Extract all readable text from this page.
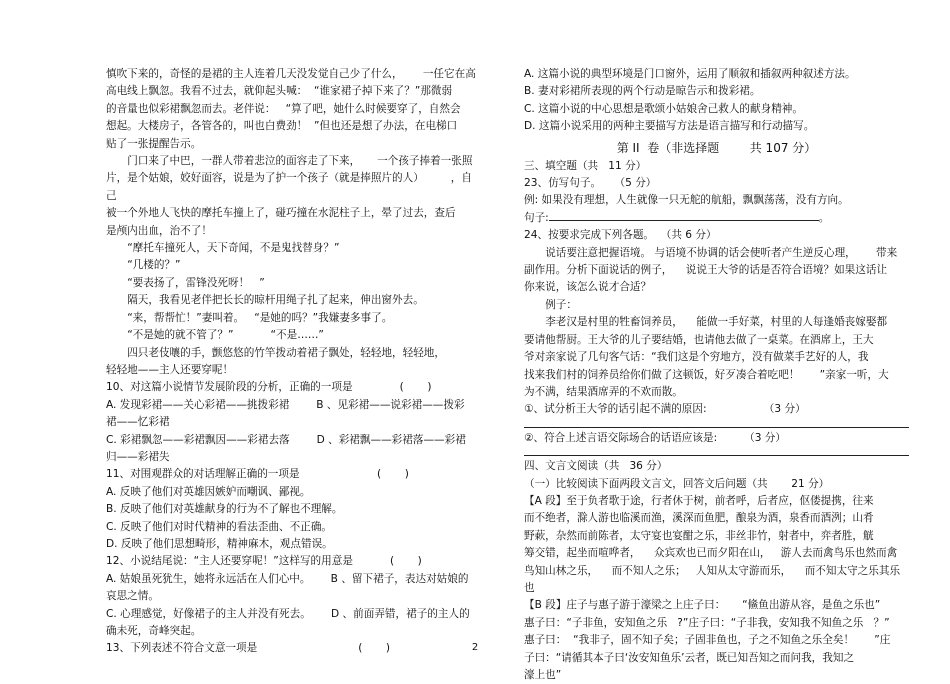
慎吹下来的，奇怪的是裙的主人连着几天没发觉自己少了什么，      一任它在高

高电线上飘忽。我看不过去，就仰起头喊：  “谁家裙子掉下来了？”那微弱

的音量也似彩裙飘忽而去。老伴说：   “算了吧，她什么时候要穿了，自然会

想起。大楼房子，各管各的，叫也白费劲！  ”但也还是想了办法，在电梯口

贴了一张提醒告示。

门口来了中巴，一群人带着悲泣的面容走了下来，     一个孩子捧着一张照

片，是个姑娘，姣好面容，说是为了护一个孩子（就是捧照片的人）        ，自己

被一个外地人飞快的摩托车撞上了，碰巧撞在水泥柱子上，晕了过去，查后

是颅内出血，治不了！

“摩托车撞死人，天下奇闻，不是鬼找替身？”

“几楼的？”

“要表扬了，雷锋没死呀！   ”

隔天，我看见老伴把长长的晾杆用绳子扎了起来，伸出窗外去。

“来，帮帮忙！”妻叫着。   “是她的吗？”我嫌妻多事了。

“不是她的就不管了？”           “不是……”

四只老伎嚷的手，颤悠悠的竹竿拨动着裙子飘处，轻轻地，轻轻地，

轻轻地——主人还要穿呢！

10、对这篇小说情节发展阶段的分析，正确的一项是              (       )

A. 发现彩裙——关心彩裙——挑拨彩裙        B 、见彩裙——说彩裙——拨彩

裙——忆彩裙

C. 彩裙飘忽——彩裙飘因——彩裙去落        D 、彩裙飘——彩裙落——彩裙

归——彩裙失

11、对围观群众的对话理解正确的一项是                       (       )

A. 反映了他们对英雄因嫉妒而嘲讽、鄙视。

B. 反映了他们对英雄献身的行为不了解也不理解。

C. 反映了他们对时代精神的看法歪曲、不正确。

D. 反映了他们思想畸形，精神麻木，观点错误。

12、小说结尾说：“主人还要穿呢！”这样写的用意是           (       )

A. 姑娘虽死犹生，她将永远活在人们心中。      B 、留下裙子，表达对姑娘的

哀思之情。

C. 心理感觉，好像裙子的主人并没有死去。      D 、前面弄错，裙子的主人的

确未死，奇峰突起。

13、下列表述不符合文意一项是                              (       )

A. 这篇小说的典型环境是门口窗外，运用了顺叙和插叙两种叙述方法。

B. 妻对彩裙所表现的两个行动是晾告示和拨彩裙。

C. 这篇小说的中心思想是歌颂小姑娘舍己救人的献身精神。

D. 这篇小说采用的两种主要描写方法是语言描写和行动描写。

第 II  卷（非选择题        共 107 分）

三、填空题（共   11 分）

23、仿写句子。    （5 分）

例: 如果没有理想，人生就像一只无舵的航船，飘飘荡荡，没有方向。

句子:	。

24、按要求完成下列各题。  （共 6 分）

说话要注意把握语境。 与语境不协调的话会使听者产生逆反心理，      带来

副作用。分析下面说话的例子，    说说王大爷的话是否符合语境？如果这话让

你来说，该怎么说才合适？

例子：

李老汉是村里的牲畜饲养员，    能做一手好菜，村里的人每逢婚丧嫁娶都

要请他帮厨。王大爷的儿子要结婚，也请他去做了一桌菜。在酒席上，王大

爷对亲家说了几句客气话：“我们这是个穷地方，没有做菜手艺好的人，我

找来我们村的饲养员给你们做了这顿饭，好歹凑合着吃吧！      ”亲家一听，大

为不满，结果酒席弄的不欢而散。

①、试分析王大爷的话引起不满的原因:                 （3 分）

②、符合上述言语交际场合的话语应该是:        （3 分）

四、文言文阅读（共   36 分）

（一）比较阅读下面两段文言文，回答文后问题（共       21 分）

【A 段】至于负者歌于途，行者休于树，前者呼，后者应，伛偻提携，往来

而不绝者，滁人游也临溪而渔，溪深而鱼肥，酿泉为酒，泉香而酒洌；山肴

野蔌，杂然而前陈者，太守宴也宴酣之乐，非丝非竹，射者中，弈者胜，觥

筹交错，起坐而喧哗者，    众宾欢也已而夕阳在山，   游人去而禽鸟乐也然而禽

鸟知山林之乐，    而不知人之乐；   人知从太守游而乐，    而不知太守之乐其乐也

【B 段】庄子与惠子游于濠梁之上庄子曰：     “鯈鱼出游从容，是鱼之乐也”

惠子曰：“子非鱼，安知鱼之乐   ?”庄子曰：“子非我，安知我不知鱼之乐   ？”

惠子曰：  “我非子，固不知子矣；子固非鱼也，子之不知鱼之乐全矣！      ”庄

子曰：“请循其本子曰‘汝安知鱼乐’云者，既已知吾知之而问我，我知之

濠上也”

2
